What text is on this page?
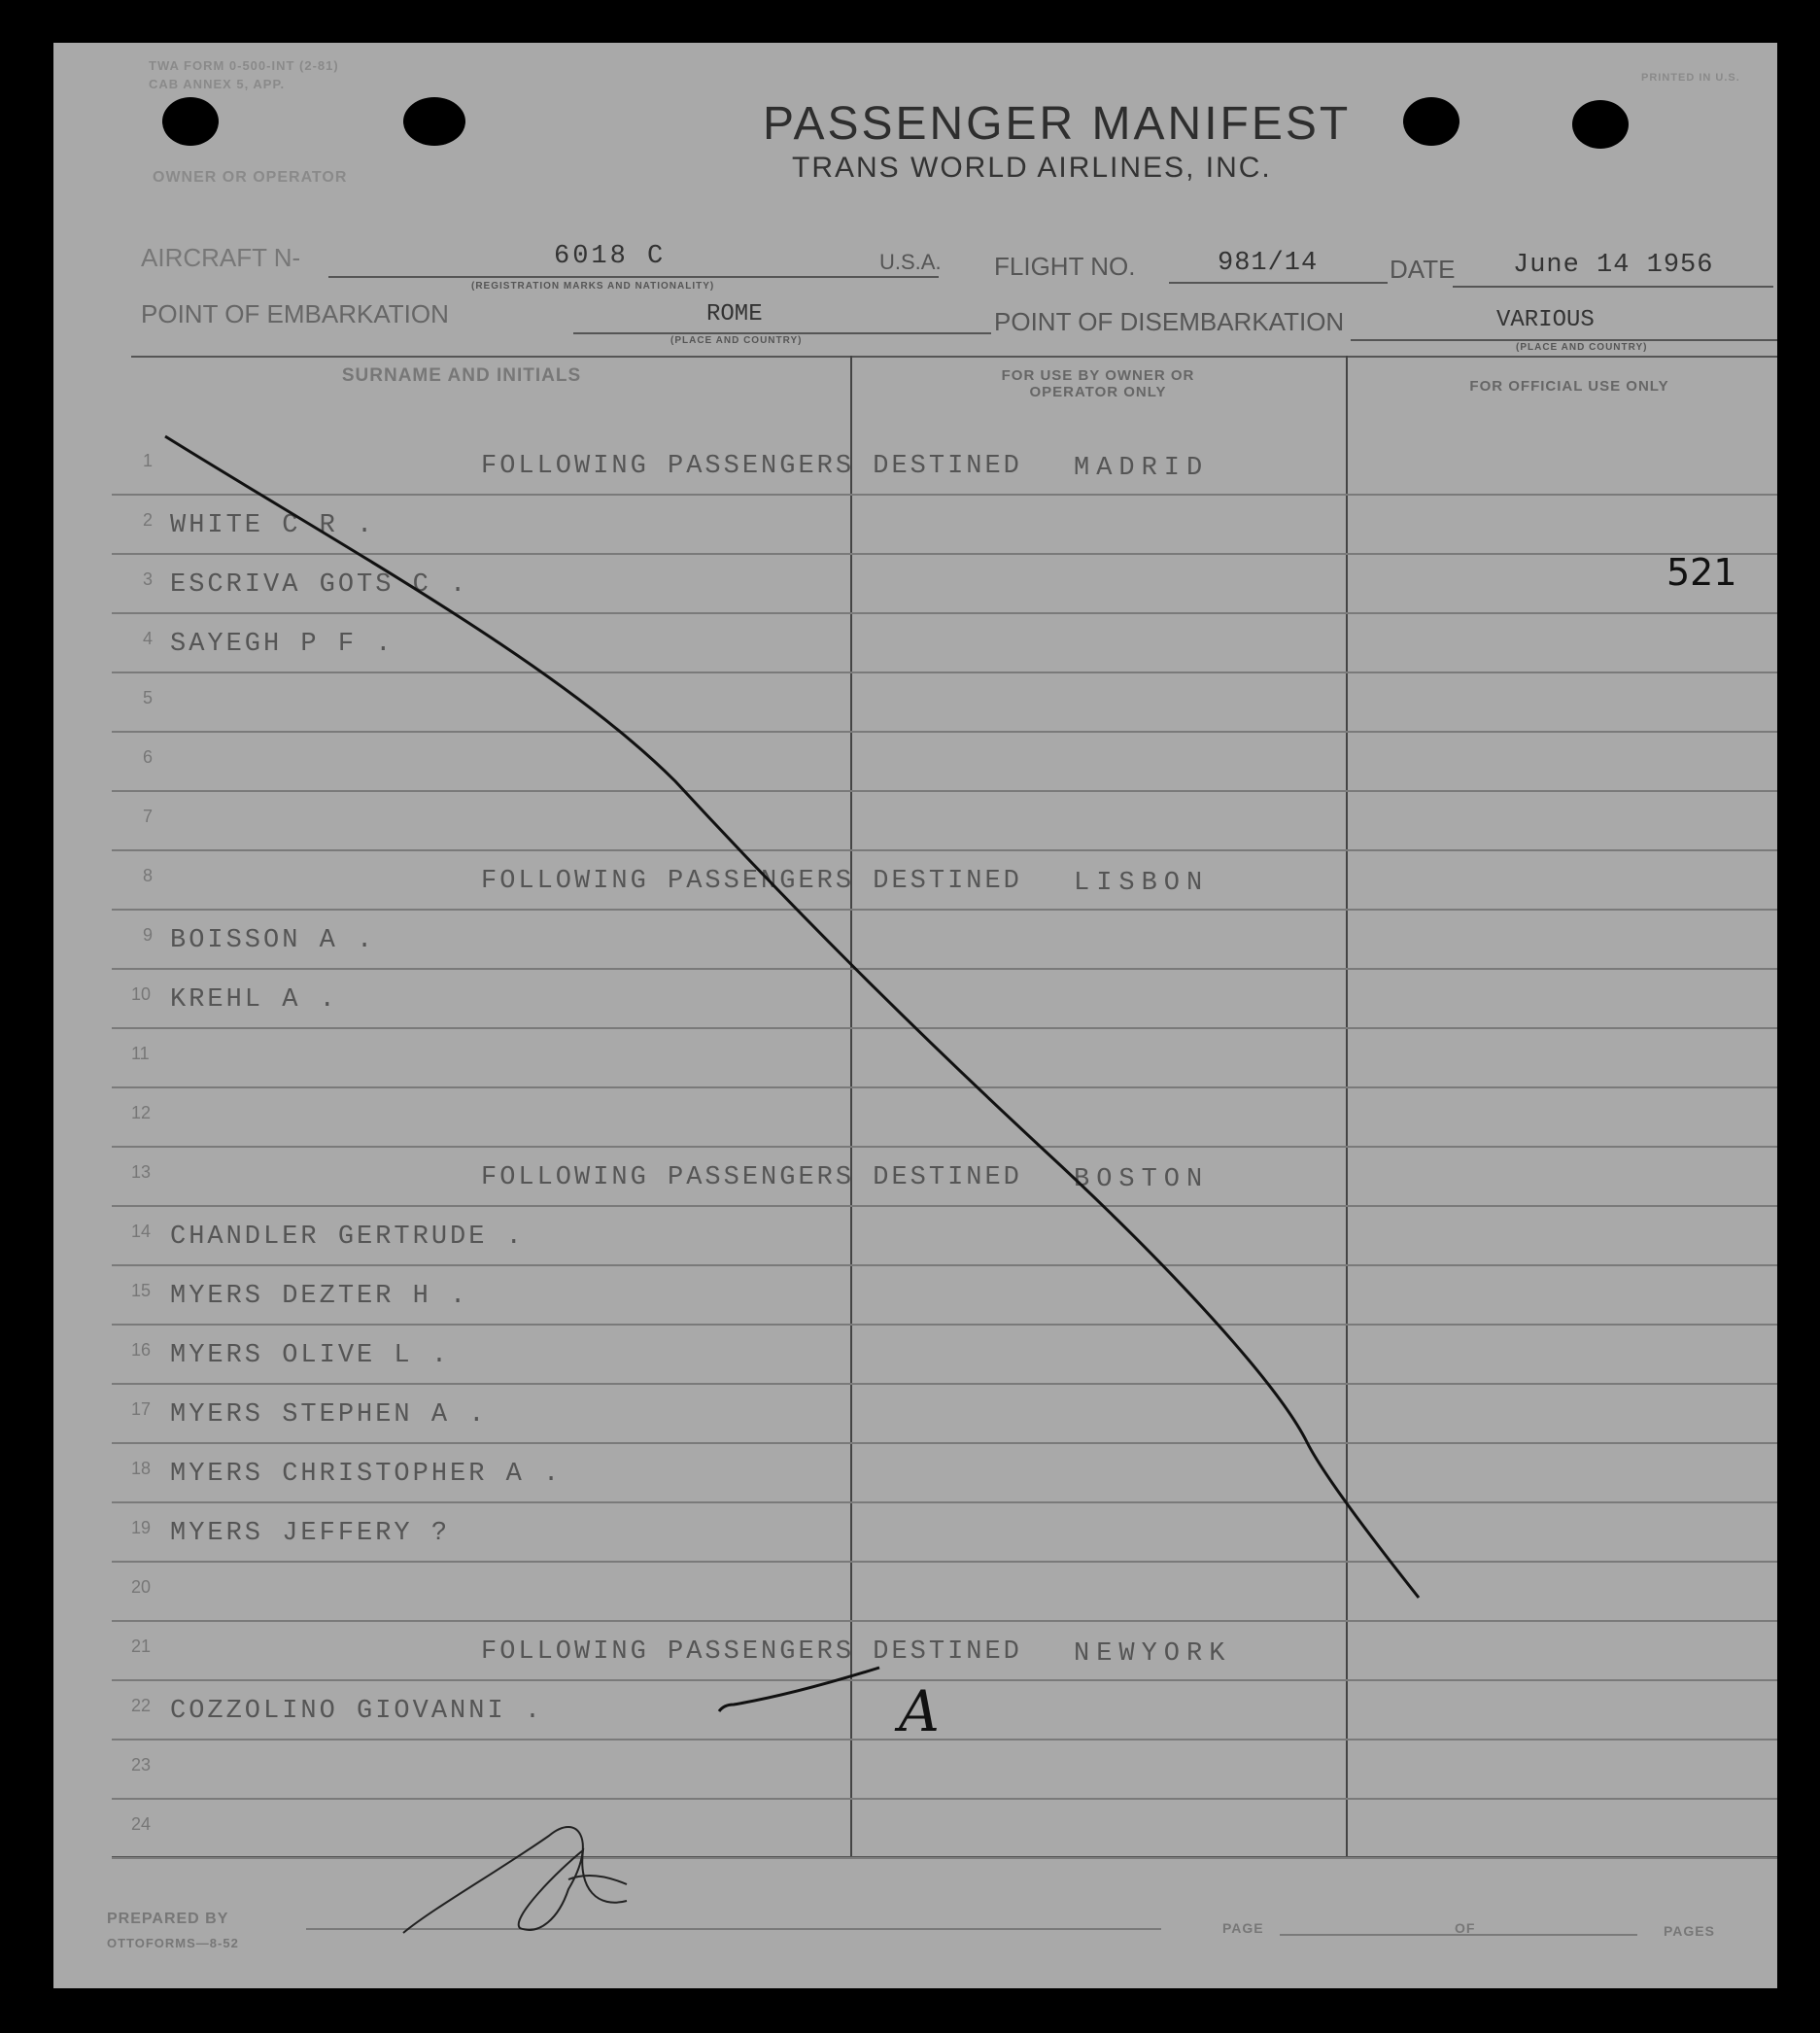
TWA FORM 0-500-INT (2-81)
CAB ANNEX 5, APP.
OWNER OR OPERATOR
PRINTED IN U.S.
PASSENGER MANIFEST
TRANS WORLD AIRLINES, INC.
AIRCRAFT N-	6018 C
(REGISTRATION MARKS AND NATIONALITY)
U.S.A. FLIGHT NO.	981/14	DATE June 14 1956
POINT OF EMBARKATION	ROME
(PLACE AND COUNTRY)
POINT OF DISEMBARKATION	VARIOUS
(PLACE AND COUNTRY)
SURNAME AND INITIALS	FOR USE BY OWNER OR OPERATOR ONLY	FOR OFFICIAL USE ONLY
1	FOLLOWING PASSENGERS DESTINED MADRID
2 WHITE C R .
3 ESCRIVA GOTS C .
4 SAYEGH P F .
5
6
7
8	FOLLOWING PASSENGERS DESTINED LISBON
9 BOISSON A .
10 KREHL A .
11
12
13	FOLLOWING PASSENGERS DESTINED BOSTON
14 CHANDLER GERTRUDE .
15 MYERS DEZTER H .
16 MYERS OLIVE L .
17 MYERS STEPHEN A .
18 MYERS CHRISTOPHER A .
19 MYERS JEFFERY ?
20
21	FOLLOWING PASSENGERS DESTINED NEWYORK
22 COZZOLINO GIOVANNI .
23
24
521
A
PREPARED BY
OTTOFORMS—8-52
PAGE	OF	PAGES
